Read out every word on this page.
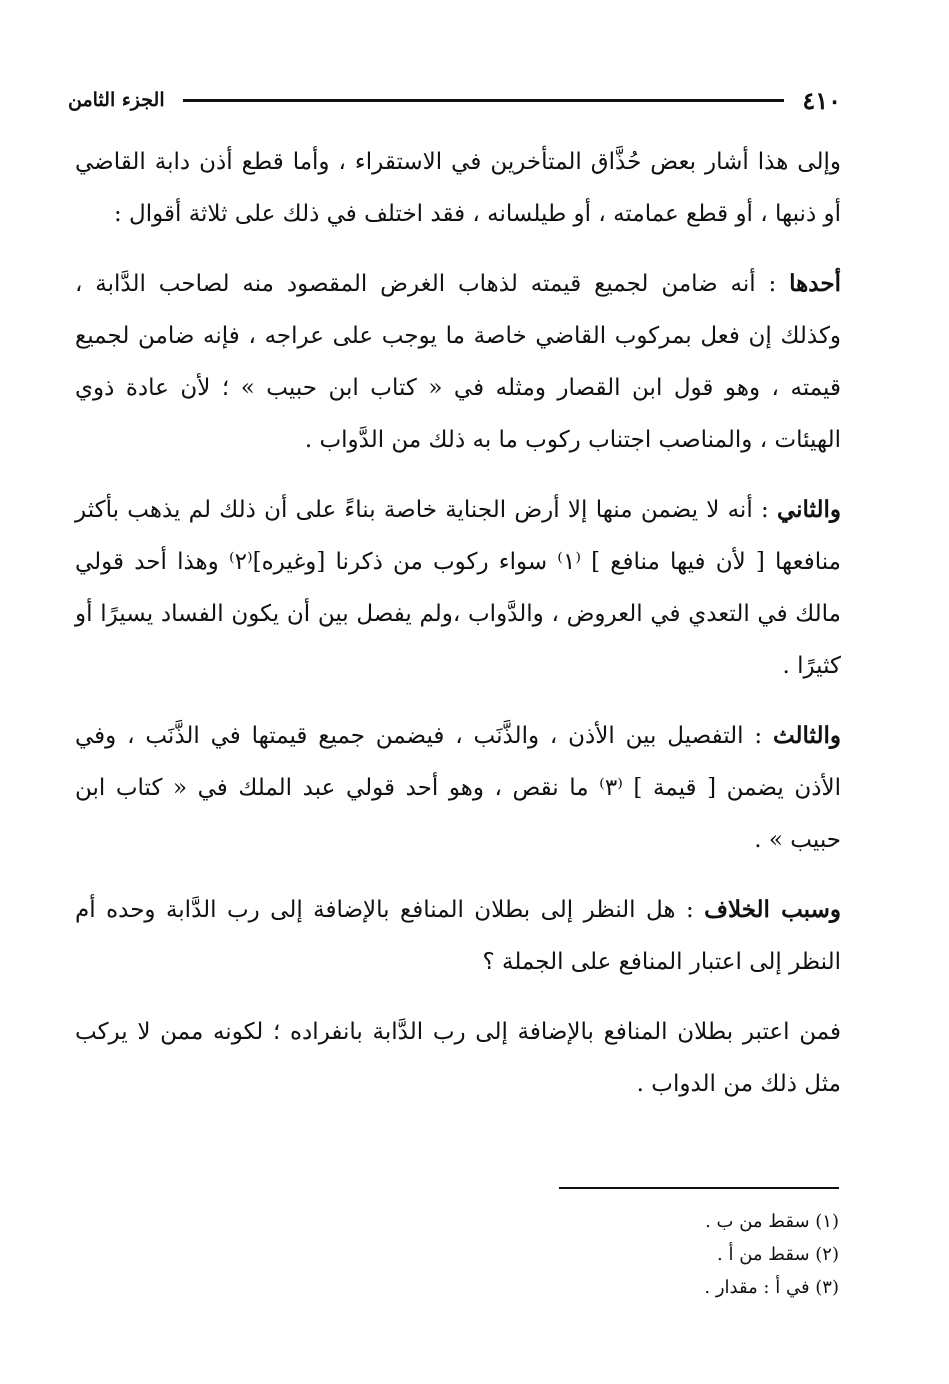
٤١٠
الجزء الثامن

وإلى هذا أشار بعض حُذَّاق المتأخرين في الاستقراء ، وأما قطع أذن دابة القاضي أو ذنبها ، أو قطع عمامته ، أو طيلسانه ، فقد اختلف في ذلك على ثلاثة أقوال :

أحدها : أنه ضامن لجميع قيمته لذهاب الغرض المقصود منه لصاحب الدَّابة ، وكذلك إن فعل بمركوب القاضي خاصة ما يوجب على عراجه ، فإنه ضامن لجميع قيمته ، وهو قول ابن القصار ومثله في « كتاب ابن حبيب » ؛ لأن عادة ذوي الهيئات ، والمناصب اجتناب ركوب ما به ذلك من الدَّواب .

والثاني : أنه لا يضمن منها إلا أرض الجناية خاصة بناءً على أن ذلك لم يذهب بأكثر منافعها [ لأن فيها منافع ] ⁽١⁾ سواء ركوب من ذكرنا [وغيره]⁽٢⁾ وهذا أحد قولي مالك في التعدي في العروض ، والدَّواب ،ولم يفصل بين أن يكون الفساد يسيرًا أو كثيرًا .

والثالث : التفصيل بين الأذن ، والذَّنَب ، فيضمن جميع قيمتها في الذَّنَب ، وفي الأذن يضمن [ قيمة ] ⁽٣⁾ ما نقص ، وهو أحد قولي عبد الملك في « كتاب ابن حبيب » .

وسبب الخلاف : هل النظر إلى بطلان المنافع بالإضافة إلى رب الدَّابة وحده أم النظر إلى اعتبار المنافع على الجملة ؟

فمن اعتبر بطلان المنافع بالإضافة إلى رب الدَّابة بانفراده ؛ لكونه ممن لا يركب مثل ذلك من الدواب .

(١) سقط من ب .
(٢) سقط من أ .
(٣) في أ : مقدار .
